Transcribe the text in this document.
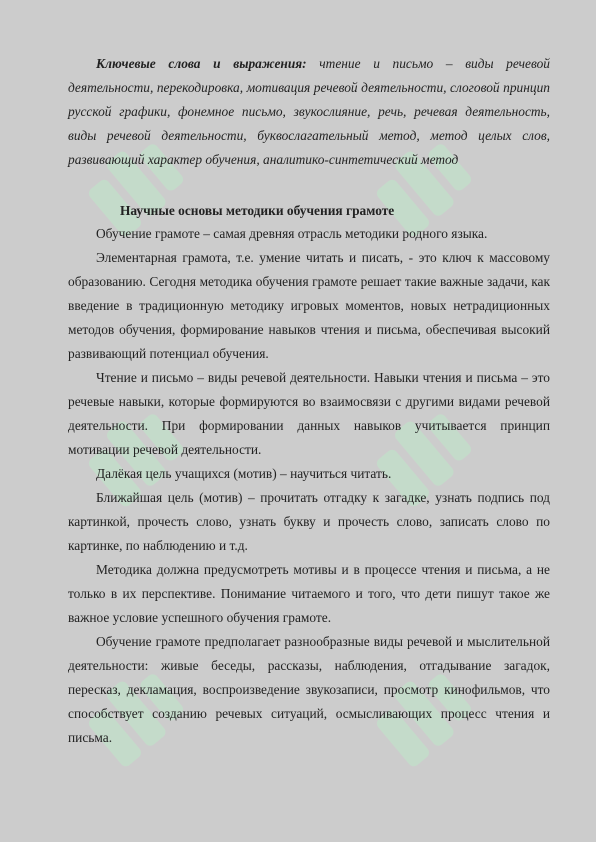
Ключевые слова и выражения: чтение и письмо – виды речевой деятельности, перекодировка, мотивация речевой деятельности, слоговой принцип русской графики, фонемное письмо, звукослияние, речь, речевая деятельность, виды речевой деятельности, буквослагательный метод, метод целых слов, развивающий характер обучения, аналитико-синтетический метод

Научные основы методики обучения грамоте

Обучение грамоте – самая древняя отрасль методики родного языка.

Элементарная грамота, т.е. умение читать и писать, - это ключ к массовому образованию. Сегодня методика обучения грамоте решает такие важные задачи, как введение в традиционную методику игровых моментов, новых нетрадиционных методов обучения, формирование навыков чтения и письма, обеспечивая высокий развивающий потенциал обучения.

Чтение и письмо – виды речевой деятельности. Навыки чтения и письма – это речевые навыки, которые формируются во взаимосвязи с другими видами речевой деятельности. При формировании данных навыков учитывается принцип мотивации речевой деятельности.

Далёкая цель учащихся (мотив) – научиться читать.

Ближайшая цель (мотив) – прочитать отгадку к загадке, узнать подпись под картинкой, прочесть слово, узнать букву и прочесть слово, записать слово по картинке, по наблюдению и т.д.

Методика должна предусмотреть мотивы и в процессе чтения и письма, а не только в их перспективе. Понимание читаемого и того, что дети пишут такое же важное условие успешного обучения грамоте.

Обучение грамоте предполагает разнообразные виды речевой и мыслительной деятельности: живые беседы, рассказы, наблюдения, отгадывание загадок, пересказ, декламация, воспроизведение звукозаписи, просмотр кинофильмов, что способствует созданию речевых ситуаций, осмысливающих процесс чтения и письма.
